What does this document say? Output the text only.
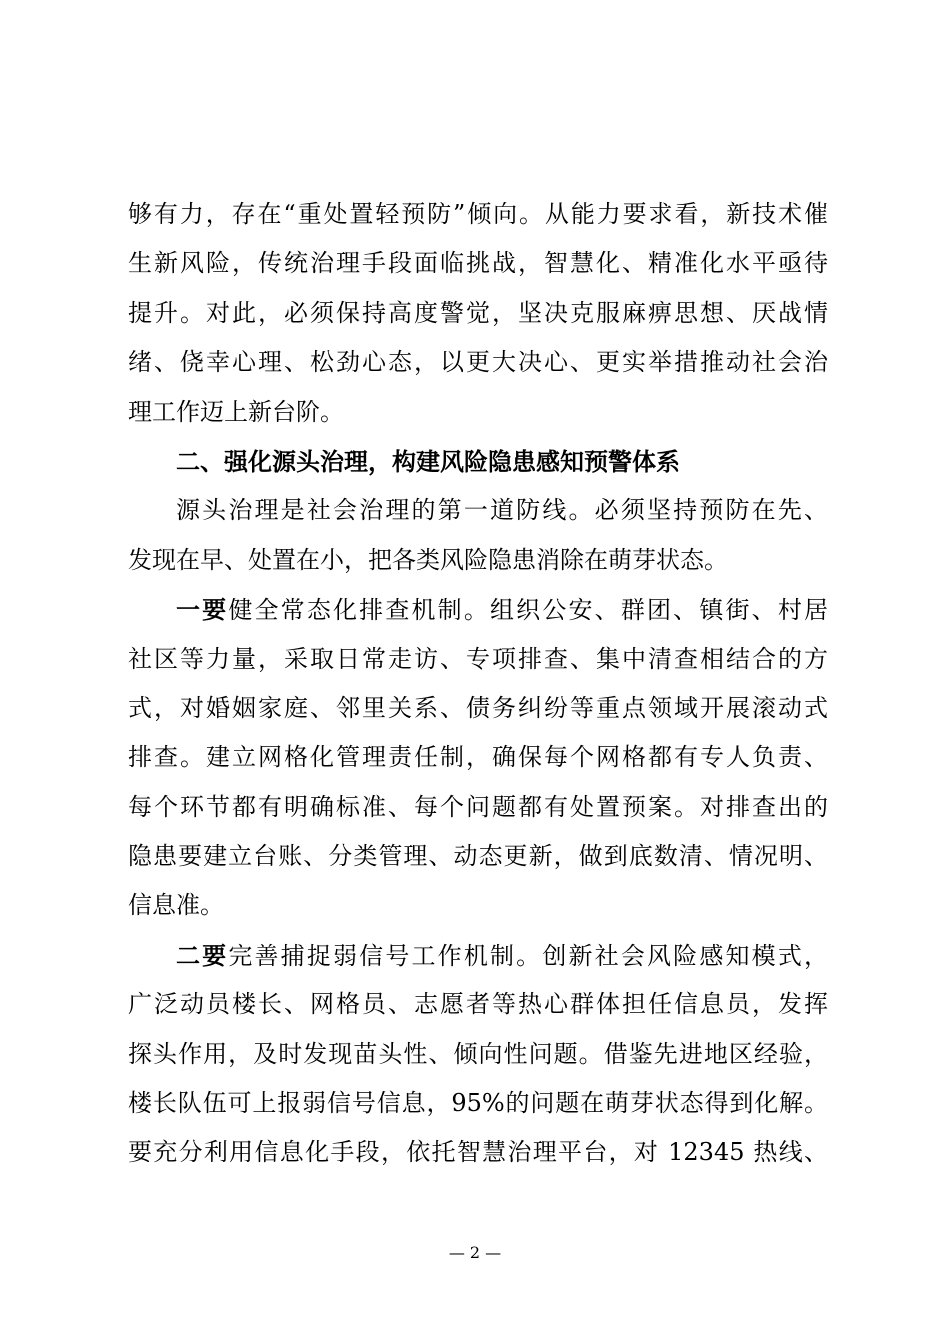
够有力，存在“重处置轻预防”倾向。从能力要求看，新技术催
生新风险，传统治理手段面临挑战，智慧化、精准化水平亟待
提升。对此，必须保持高度警觉，坚决克服麻痹思想、厌战情
绪、侥幸心理、松劲心态，以更大决心、更实举措推动社会治
理工作迈上新台阶。
二、强化源头治理，构建风险隐患感知预警体系
源头治理是社会治理的第一道防线。必须坚持预防在先、
发现在早、处置在小，把各类风险隐患消除在萌芽状态。
一要健全常态化排查机制。组织公安、群团、镇街、村居
社区等力量，采取日常走访、专项排查、集中清查相结合的方
式，对婚姻家庭、邻里关系、债务纠纷等重点领域开展滚动式
排查。建立网格化管理责任制，确保每个网格都有专人负责、
每个环节都有明确标准、每个问题都有处置预案。对排查出的
隐患要建立台账、分类管理、动态更新，做到底数清、情况明、
信息准。
二要完善捕捉弱信号工作机制。创新社会风险感知模式，
广泛动员楼长、网格员、志愿者等热心群体担任信息员，发挥
探头作用，及时发现苗头性、倾向性问题。借鉴先进地区经验，
楼长队伍可上报弱信号信息，95%的问题在萌芽状态得到化解。
要充分利用信息化手段，依托智慧治理平台，对 12345 热线、
— 2 —
